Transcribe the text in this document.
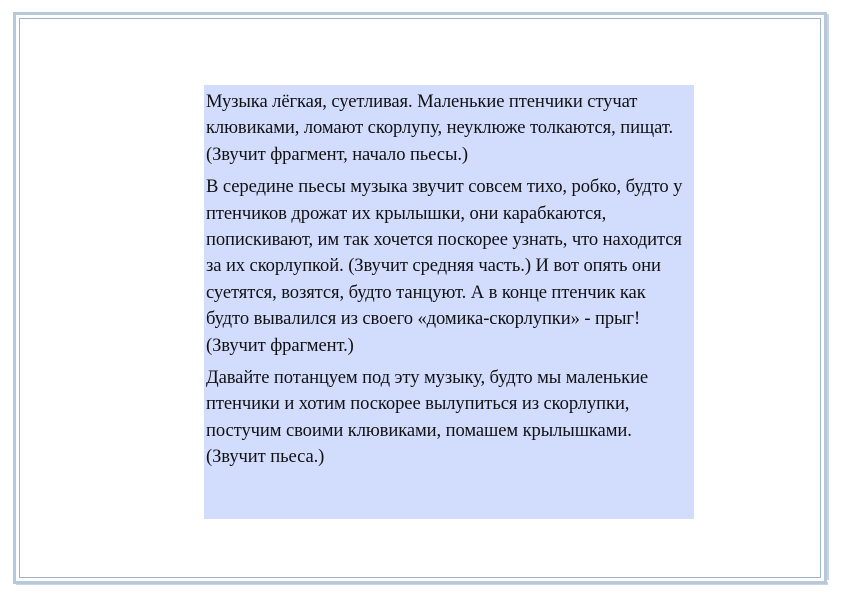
Музыка лёгкая, суетливая. Маленькие птенчики стучат клювиками, ломают скорлупу, неуклюже толкаются, пищат. (Звучит фрагмент, начало пьесы.)

В середине пьесы музыка звучит совсем тихо, робко, будто у птенчиков дрожат их крылышки, они карабкаются, попискивают, им так хочется поскорее узнать, что находится за их скорлупкой. (Звучит средняя часть.) И вот опять они суетятся, возятся, будто танцуют. А в конце птенчик как будто вывалился из своего «домика-скорлупки» - прыг! (Звучит фрагмент.)

Давайте потанцуем под эту музыку, будто мы маленькие птенчики и хотим поскорее вылупиться из скорлупки, постучим своими клювиками, помашем крылышками. (Звучит пьеса.)
